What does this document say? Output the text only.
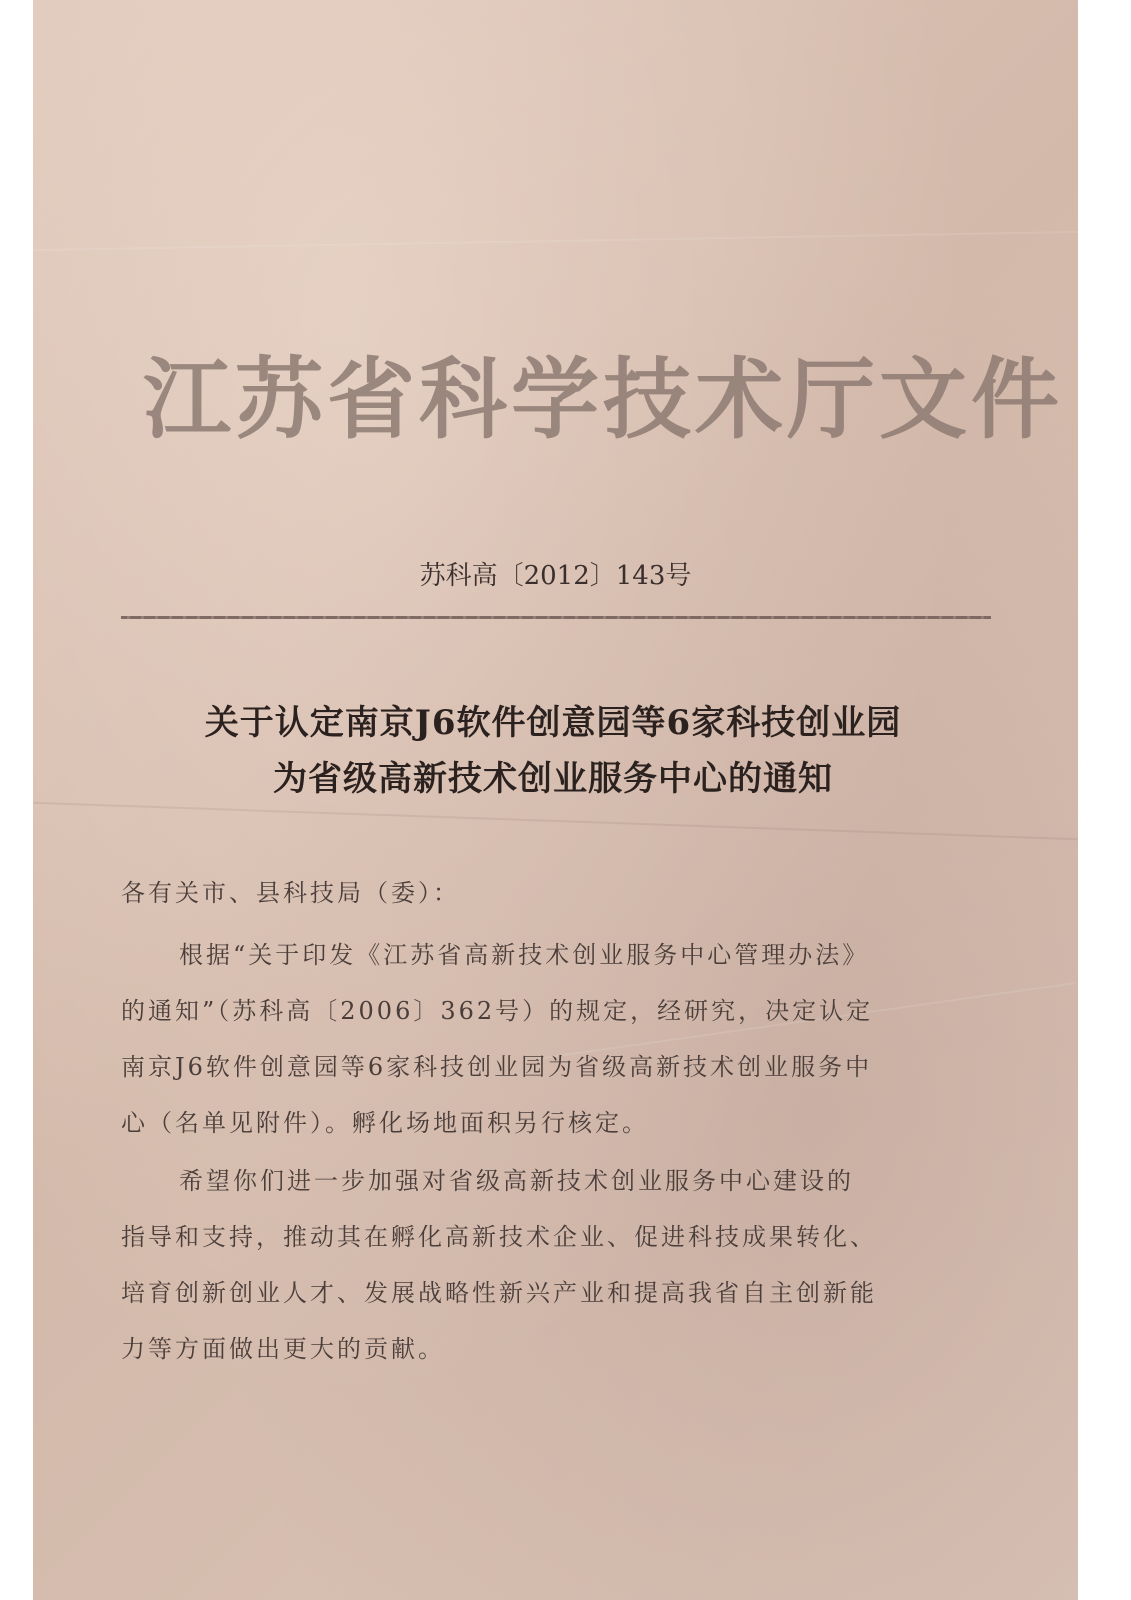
江苏省科学技术厅文件
苏科高〔2012〕143号
关于认定南京J6软件创意园等6家科技创业园
为省级高新技术创业服务中心的通知
各有关市、县科技局（委）：
根据“关于印发《江苏省高新技术创业服务中心管理办法》
的通知”（苏科高〔2006〕362号）的规定，经研究，决定认定
南京J6软件创意园等6家科技创业园为省级高新技术创业服务中
心（名单见附件）。孵化场地面积另行核定。
希望你们进一步加强对省级高新技术创业服务中心建设的
指导和支持，推动其在孵化高新技术企业、促进科技成果转化、
培育创新创业人才、发展战略性新兴产业和提高我省自主创新能
力等方面做出更大的贡献。
